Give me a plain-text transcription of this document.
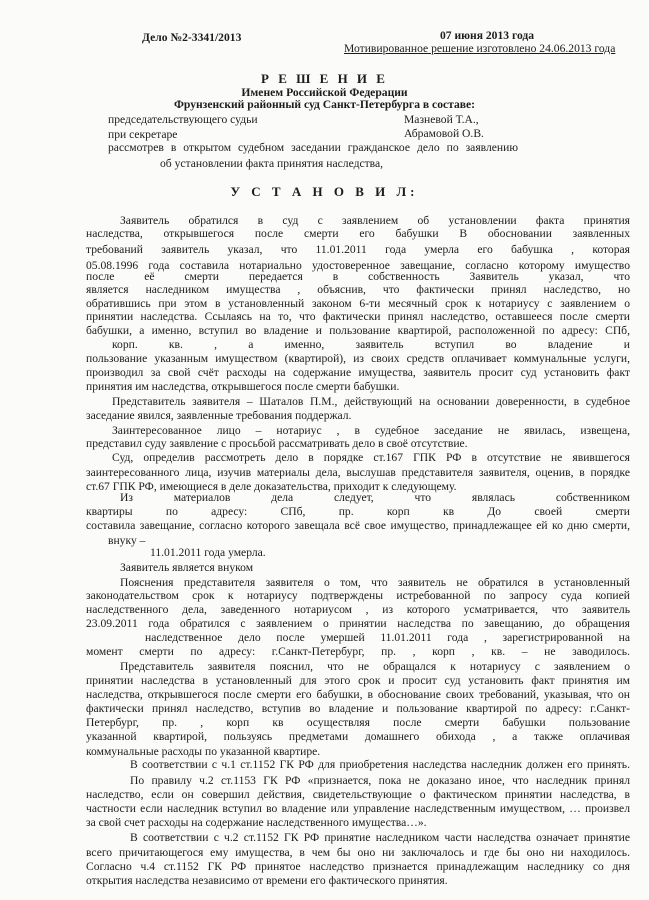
Дело №2-3341/2013	07 июня 2013 года
Мотивированное решение изготовлено 24.06.2013 года
Р Е Ш Е Н И Е
Именем Российской Федерации
Фрунзенский районный суд Санкт-Петербурга в составе:
председательствующего судьи	Мазневой Т.А.,
при секретаре	Абрамовой О.В.
рассмотрев в открытом судебном заседании гражданское дело по заявлению
об установлении факта принятия наследства,
У С Т А Н О В И Л:
Заявитель обратился в суд с заявлением об установлении факта принятия
наследства, открывшегося после смерти его бабушки В обосновании заявленных
требований заявитель указал, что 11.01.2011 года умерла его бабушка , которая
05.08.1996 года составила нотариально удостоверенное завещание, согласно которому имущество
после её смерти передается в собственность Заявитель указал, что
является наследником имущества , объяснив, что фактически принял наследство, но
обратившись при этом в установленный законом 6-ти месячный срок к нотариусу с заявлением о
принятии наследства. Ссылаясь на то, что фактически принял наследство, оставшееся после смерти
бабушки, а именно, вступил во владение и пользование квартирой, расположенной по адресу: СПб,
корп. кв. , а именно, заявитель вступил во владение и
пользование указанным имуществом (квартирой), из своих средств оплачивает коммунальные услуги,
производил за свой счёт расходы на содержание имущества, заявитель просит суд установить факт
принятия им наследства, открывшегося после смерти бабушки.
Представитель заявителя – Шаталов П.М., действующий на основании доверенности, в судебное
заседание явился, заявленные требования поддержал.
Заинтересованное лицо – нотариус , в судебное заседание не явилась, извещена,
представил суду заявление с просьбой рассматривать дело в своё отсутствие.
Суд, определив рассмотреть дело в порядке ст.167 ГПК РФ в отсутствие не явившегося
заинтересованного лица, изучив материалы дела, выслушав представителя заявителя, оценив, в порядке
ст.67 ГПК РФ, имеющиеся в деле доказательства, приходит к следующему.
Из материалов дела следует, что являлась собственником
квартиры по адресу: СПб, пр. корп кв До своей смерти
составила завещание, согласно которого завещала всё свое имущество, принадлежащее ей ко дню смерти,
внуку –
11.01.2011 года умерла.
Заявитель является внуком
Пояснения представителя заявителя о том, что заявитель не обратился в установленный
законодательством срок к нотариусу подтверждены истребованной по запросу суда копией
наследственного дела, заведенного нотариусом , из которого усматривается, что заявитель
23.09.2011 года обратился с заявлением о принятии наследства по завещанию, до обращения
наследственное дело после умершей 11.01.2011 года , зарегистрированной на
момент смерти по адресу: г.Санкт-Петербург, пр. , корп , кв. – не заводилось.
Представитель заявителя пояснил, что не обращался к нотариусу с заявлением о
принятии наследства в установленный для этого срок и просит суд установить факт принятия им
наследства, открывшегося после смерти его бабушки, в обоснование своих требований, указывая, что он
фактически принял наследство, вступив во владение и пользование квартирой по адресу: г.Санкт-
Петербург, пр. , корп кв осуществляя после смерти бабушки пользование
указанной квартирой, пользуясь предметами домашнего обихода , а также оплачивая
коммунальные расходы по указанной квартире.
В соответствии с ч.1 ст.1152 ГК РФ для приобретения наследства наследник должен его принять.
По правилу ч.2 ст.1153 ГК РФ «признается, пока не доказано иное, что наследник принял
наследство, если он совершил действия, свидетельствующие о фактическом принятии наследства, в
частности если наследник вступил во владение или управление наследственным имуществом, … произвел
за свой счет расходы на содержание наследственного имущества…».
В соответствии с ч.2 ст.1152 ГК РФ принятие наследником части наследства означает принятие
всего причитающегося ему имущества, в чем бы оно ни заключалось и где бы оно ни находилось.
Согласно ч.4 ст.1152 ГК РФ принятое наследство признается принадлежащим наследнику со дня
открытия наследства независимо от времени его фактического принятия.
